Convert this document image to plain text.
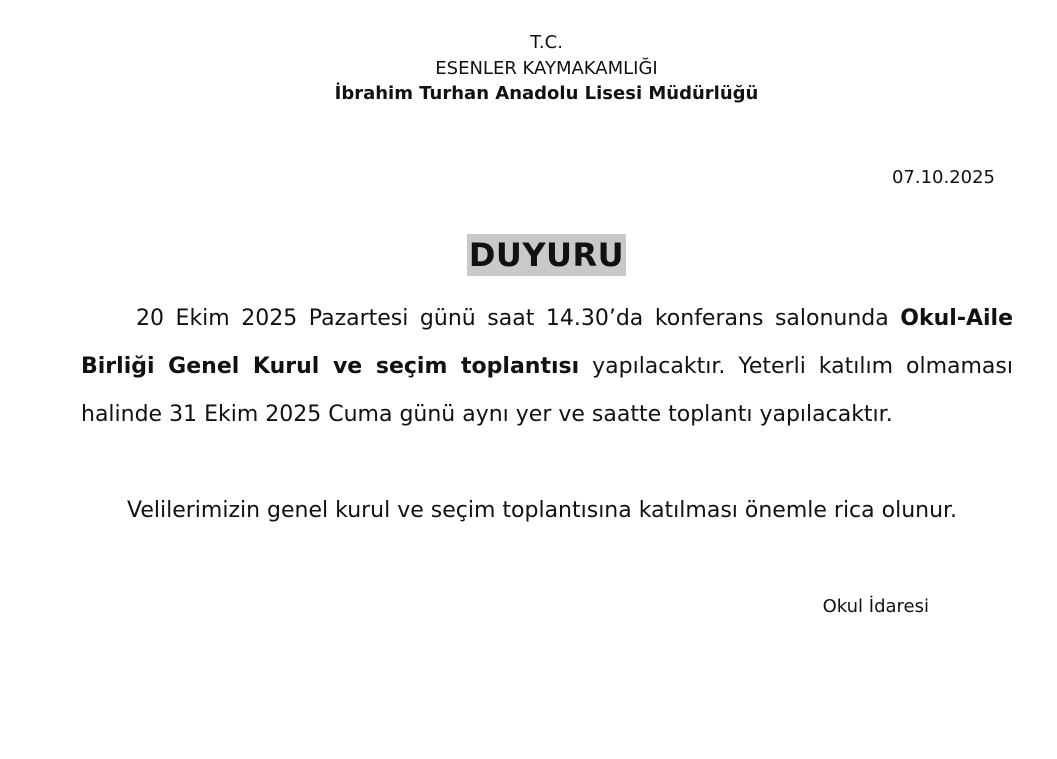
T.C.
ESENLER KAYMAKAMLIĞI
İbrahim Turhan Anadolu Lisesi Müdürlüğü
07.10.2025
DUYURU
20 Ekim 2025 Pazartesi günü saat 14.30’da konferans salonunda Okul-Aile Birliği Genel Kurul ve seçim toplantısı yapılacaktır. Yeterli katılım olmaması halinde 31 Ekim 2025 Cuma günü aynı yer ve saatte toplantı yapılacaktır.
Velilerimizin genel kurul ve seçim toplantısına katılması önemle rica olunur.
Okul İdaresi
